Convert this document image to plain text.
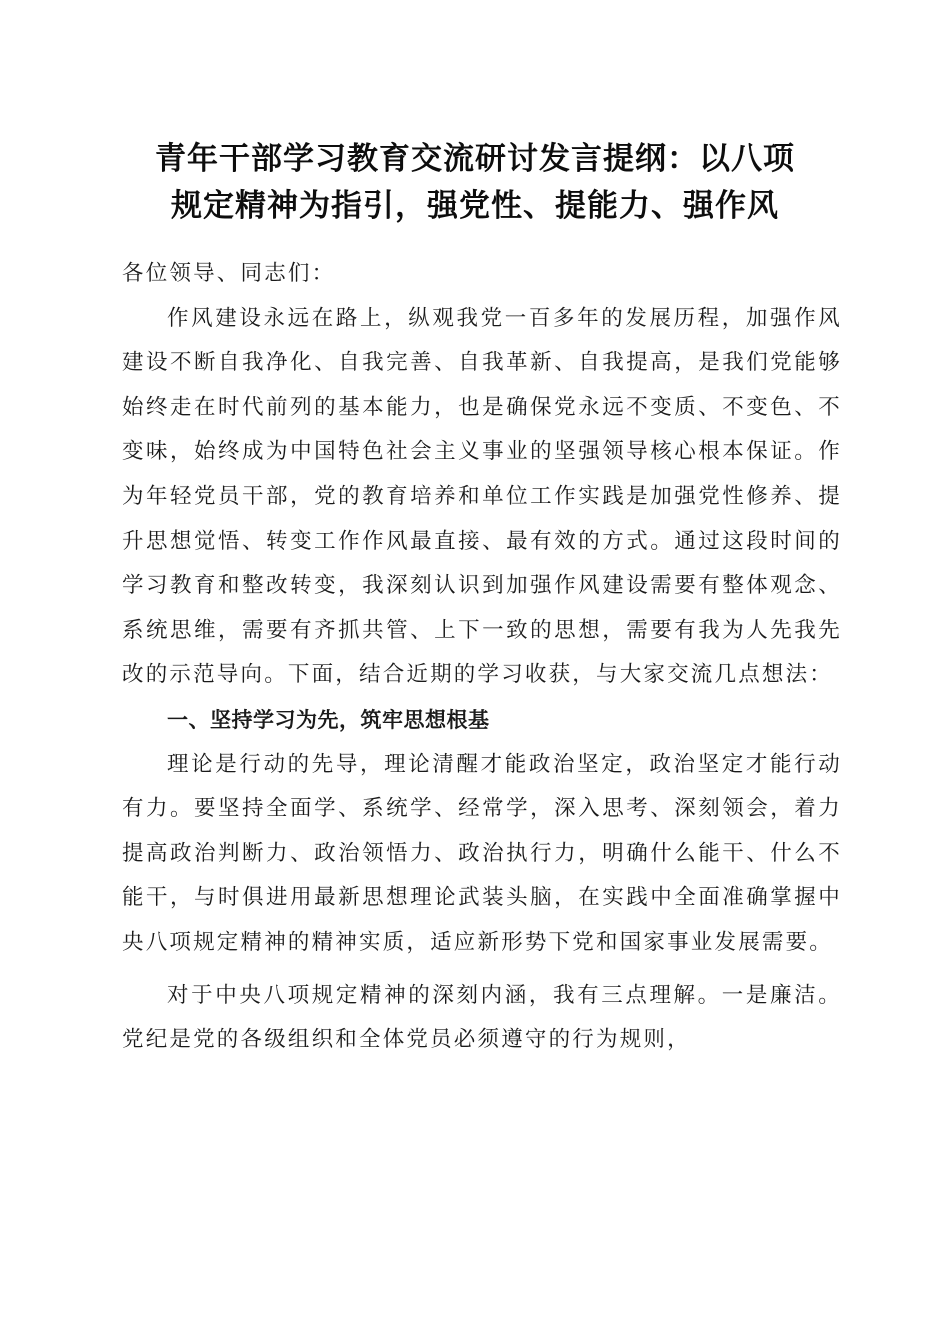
青年干部学习教育交流研讨发言提纲：以八项
规定精神为指引，强党性、提能力、强作风

各位领导、同志们：

作风建设永远在路上，纵观我党一百多年的发展历程，加强作风建设不断自我净化、自我完善、自我革新、自我提高，是我们党能够始终走在时代前列的基本能力，也是确保党永远不变质、不变色、不变味，始终成为中国特色社会主义事业的坚强领导核心根本保证。作为年轻党员干部，党的教育培养和单位工作实践是加强党性修养、提升思想觉悟、转变工作作风最直接、最有效的方式。通过这段时间的学习教育和整改转变，我深刻认识到加强作风建设需要有整体观念、系统思维，需要有齐抓共管、上下一致的思想，需要有我为人先我先改的示范导向。下面，结合近期的学习收获，与大家交流几点想法：

一、坚持学习为先，筑牢思想根基

理论是行动的先导，理论清醒才能政治坚定，政治坚定才能行动有力。要坚持全面学、系统学、经常学，深入思考、深刻领会，着力提高政治判断力、政治领悟力、政治执行力，明确什么能干、什么不能干，与时俱进用最新思想理论武装头脑，在实践中全面准确掌握中央八项规定精神的精神实质，适应新形势下党和国家事业发展需要。

对于中央八项规定精神的深刻内涵，我有三点理解。一是廉洁。党纪是党的各级组织和全体党员必须遵守的行为规则，
